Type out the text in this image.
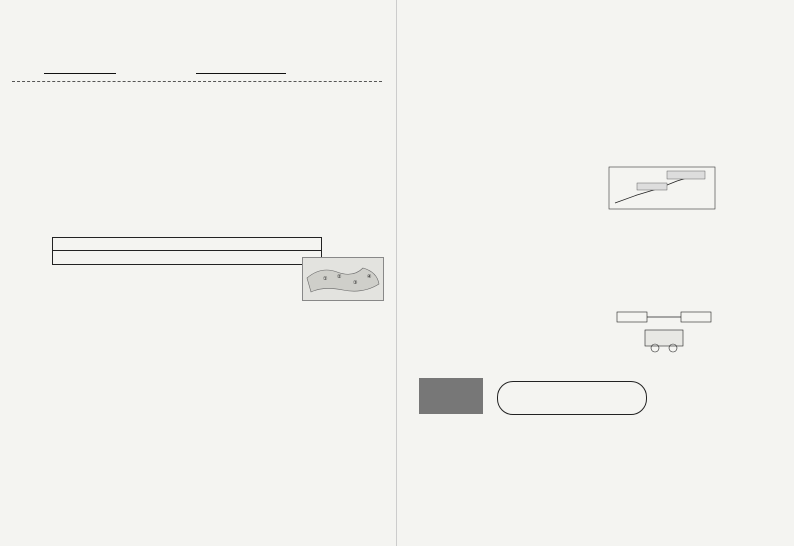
① ②
③
④
